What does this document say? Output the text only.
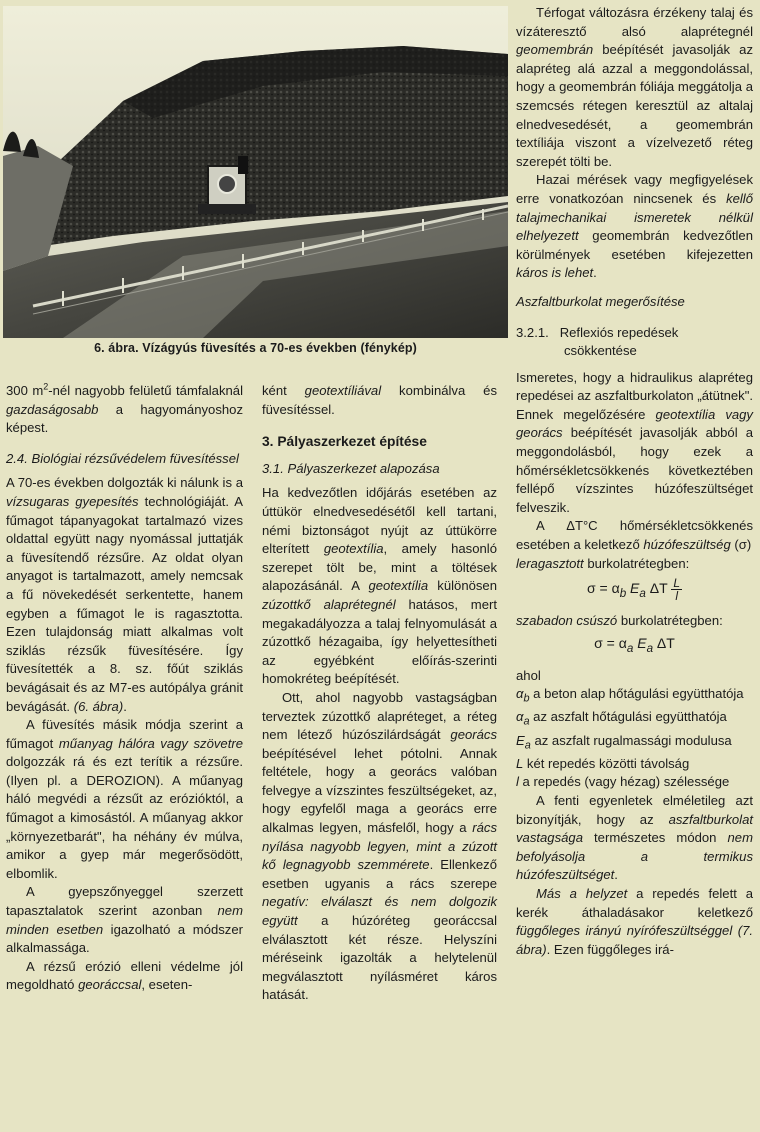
6. ábra. Vízágyús füvesítés a 70-es években (fénykép)

300 $m^2$-nél nagyobb felületű támfalaknál gazdaságosabb a hagyományoshoz képest.

2.4. Biológiai rézsűvédelem füvesítéssel

A 70-es években dolgozták ki nálunk is a vízsugaras gyepesítés technológiáját. A fűmagot tápanyagokat tartalmazó vizes oldattal együtt nagy nyomással juttatják a füvesítendő rézsűre. Az oldat olyan anyagot is tartalmazott, amely nemcsak a fű növekedését serkentette, hanem egyben a fűmagot le is ragasztotta. Ezen tulajdonság miatt alkalmas volt sziklás rézsűk füvesítésére. Így füvesítették a 8. sz. főút sziklás bevágásait és az M7-es autópálya gránit bevágását. (6. ábra).

A füvesítés másik módja szerint a fűmagot műanyag hálóra vagy szövetre dolgozzák rá és ezt terítik a rézsűre. (Ilyen pl. a DEROZION). A műanyag háló megvédi a rézsűt az erózióktól, a fűmagot a kimosástól. A műanyag akkor „környezetbarát", ha néhány év múlva, amikor a gyep már megerősödött, elbomlik.

A gyepszőnyeggel szerzett tapasztalatok szerint azonban nem minden esetben igazolható a módszer alkalmassága.

A rézsű erózió elleni védelme jól megoldható georáccsal, eseten-

ként geotextíliával kombinálva és füvesítéssel.

3. Pályaszerkezet építése

3.1. Pályaszerkezet alapozása

Ha kedvezőtlen időjárás esetében az úttükör elnedvesedésétől kell tartani, némi biztonságot nyújt az úttükörre elterített geotextília, amely hasonló szerepet tölt be, mint a töltések alapozásánál. A geotextília különösen zúzottkő alaprétegnél hatásos, mert megakadályozza a talaj felnyomulását a zúzottkő hézagaiba, így helyettesítheti az egyébként előírás-szerinti homokréteg beépítését.

Ott, ahol nagyobb vastagságban terveztek zúzottkő alapréteget, a réteg nem létező húzószilárdságát georács beépítésével lehet pótolni. Annak feltétele, hogy a georács valóban felvegye a vízszintes feszültségeket, az, hogy egyfelől maga a georács erre alkalmas legyen, másfelől, hogy a rács nyílása nagyobb legyen, mint a zúzott kő legnagyobb szemmérete. Ellenkező esetben ugyanis a rács szerepe negatív: elválaszt és nem dolgozik együtt a húzóréteg georáccsal elválasztott két része. Helyszíni méréseink igazolták a helytelenül megválasztott nyílásméret káros hatását.

Térfogat változásra érzékeny talaj és vízáteresztő alsó alaprétegnél geomembrán beépítését javasolják az alapréteg alá azzal a meggondolással, hogy a geomembrán fóliája meggátolja a szemcsés rétegen keresztül az altalaj elnedvesedését, a geomembrán textíliája viszont a vízelvezető réteg szerepét tölti be.

Hazai mérések vagy megfigyelések erre vonatkozóan nincsenek és kellő talajmechanikai ismeretek nélkül elhelyezett geomembrán kedvezőtlen körülmények esetében kifejezetten káros is lehet.

Aszfaltburkolat megerősítése

3.2.1. Reflexiós repedések csökkentése

Ismeretes, hogy a hidraulikus alapréteg repedései az aszfaltburkolaton „átütnek". Ennek megelőzésére geotextília vagy georács beépítését javasolják abból a meggondolásból, hogy ezek a hőmérsékletcsökkenés következtében fellépő vízszintes húzófeszültséget felveszik.

A ΔT°C hőmérsékletcsökkenés esetében a keletkező húzófeszültség (σ)

leragasztott burkolatrétegben:

$\sigma = \alpha_b$ $E_a$ ΔT $\frac{L}{l}$

szabadon csúszó burkolatrétegben:

$\sigma = \alpha_a$ $E_a$ ΔT

ahol

$\alpha_b$ a beton alap hőtágulási együtthatója

$\alpha_a$ az aszfalt hőtágulási együtthatója

$E_a$ az aszfalt rugalmassági modulusa

L két repedés közötti távolság

l a repedés (vagy hézag) szélessége

A fenti egyenletek elméletileg azt bizonyítják, hogy az aszfaltburkolat vastagsága természetes módon nem befolyásolja a termikus húzófeszültséget.

Más a helyzet a repedés felett a kerék áthaladásakor keletkező függőleges irányú nyírófeszültséggel (7. ábra). Ezen függőleges irá-
